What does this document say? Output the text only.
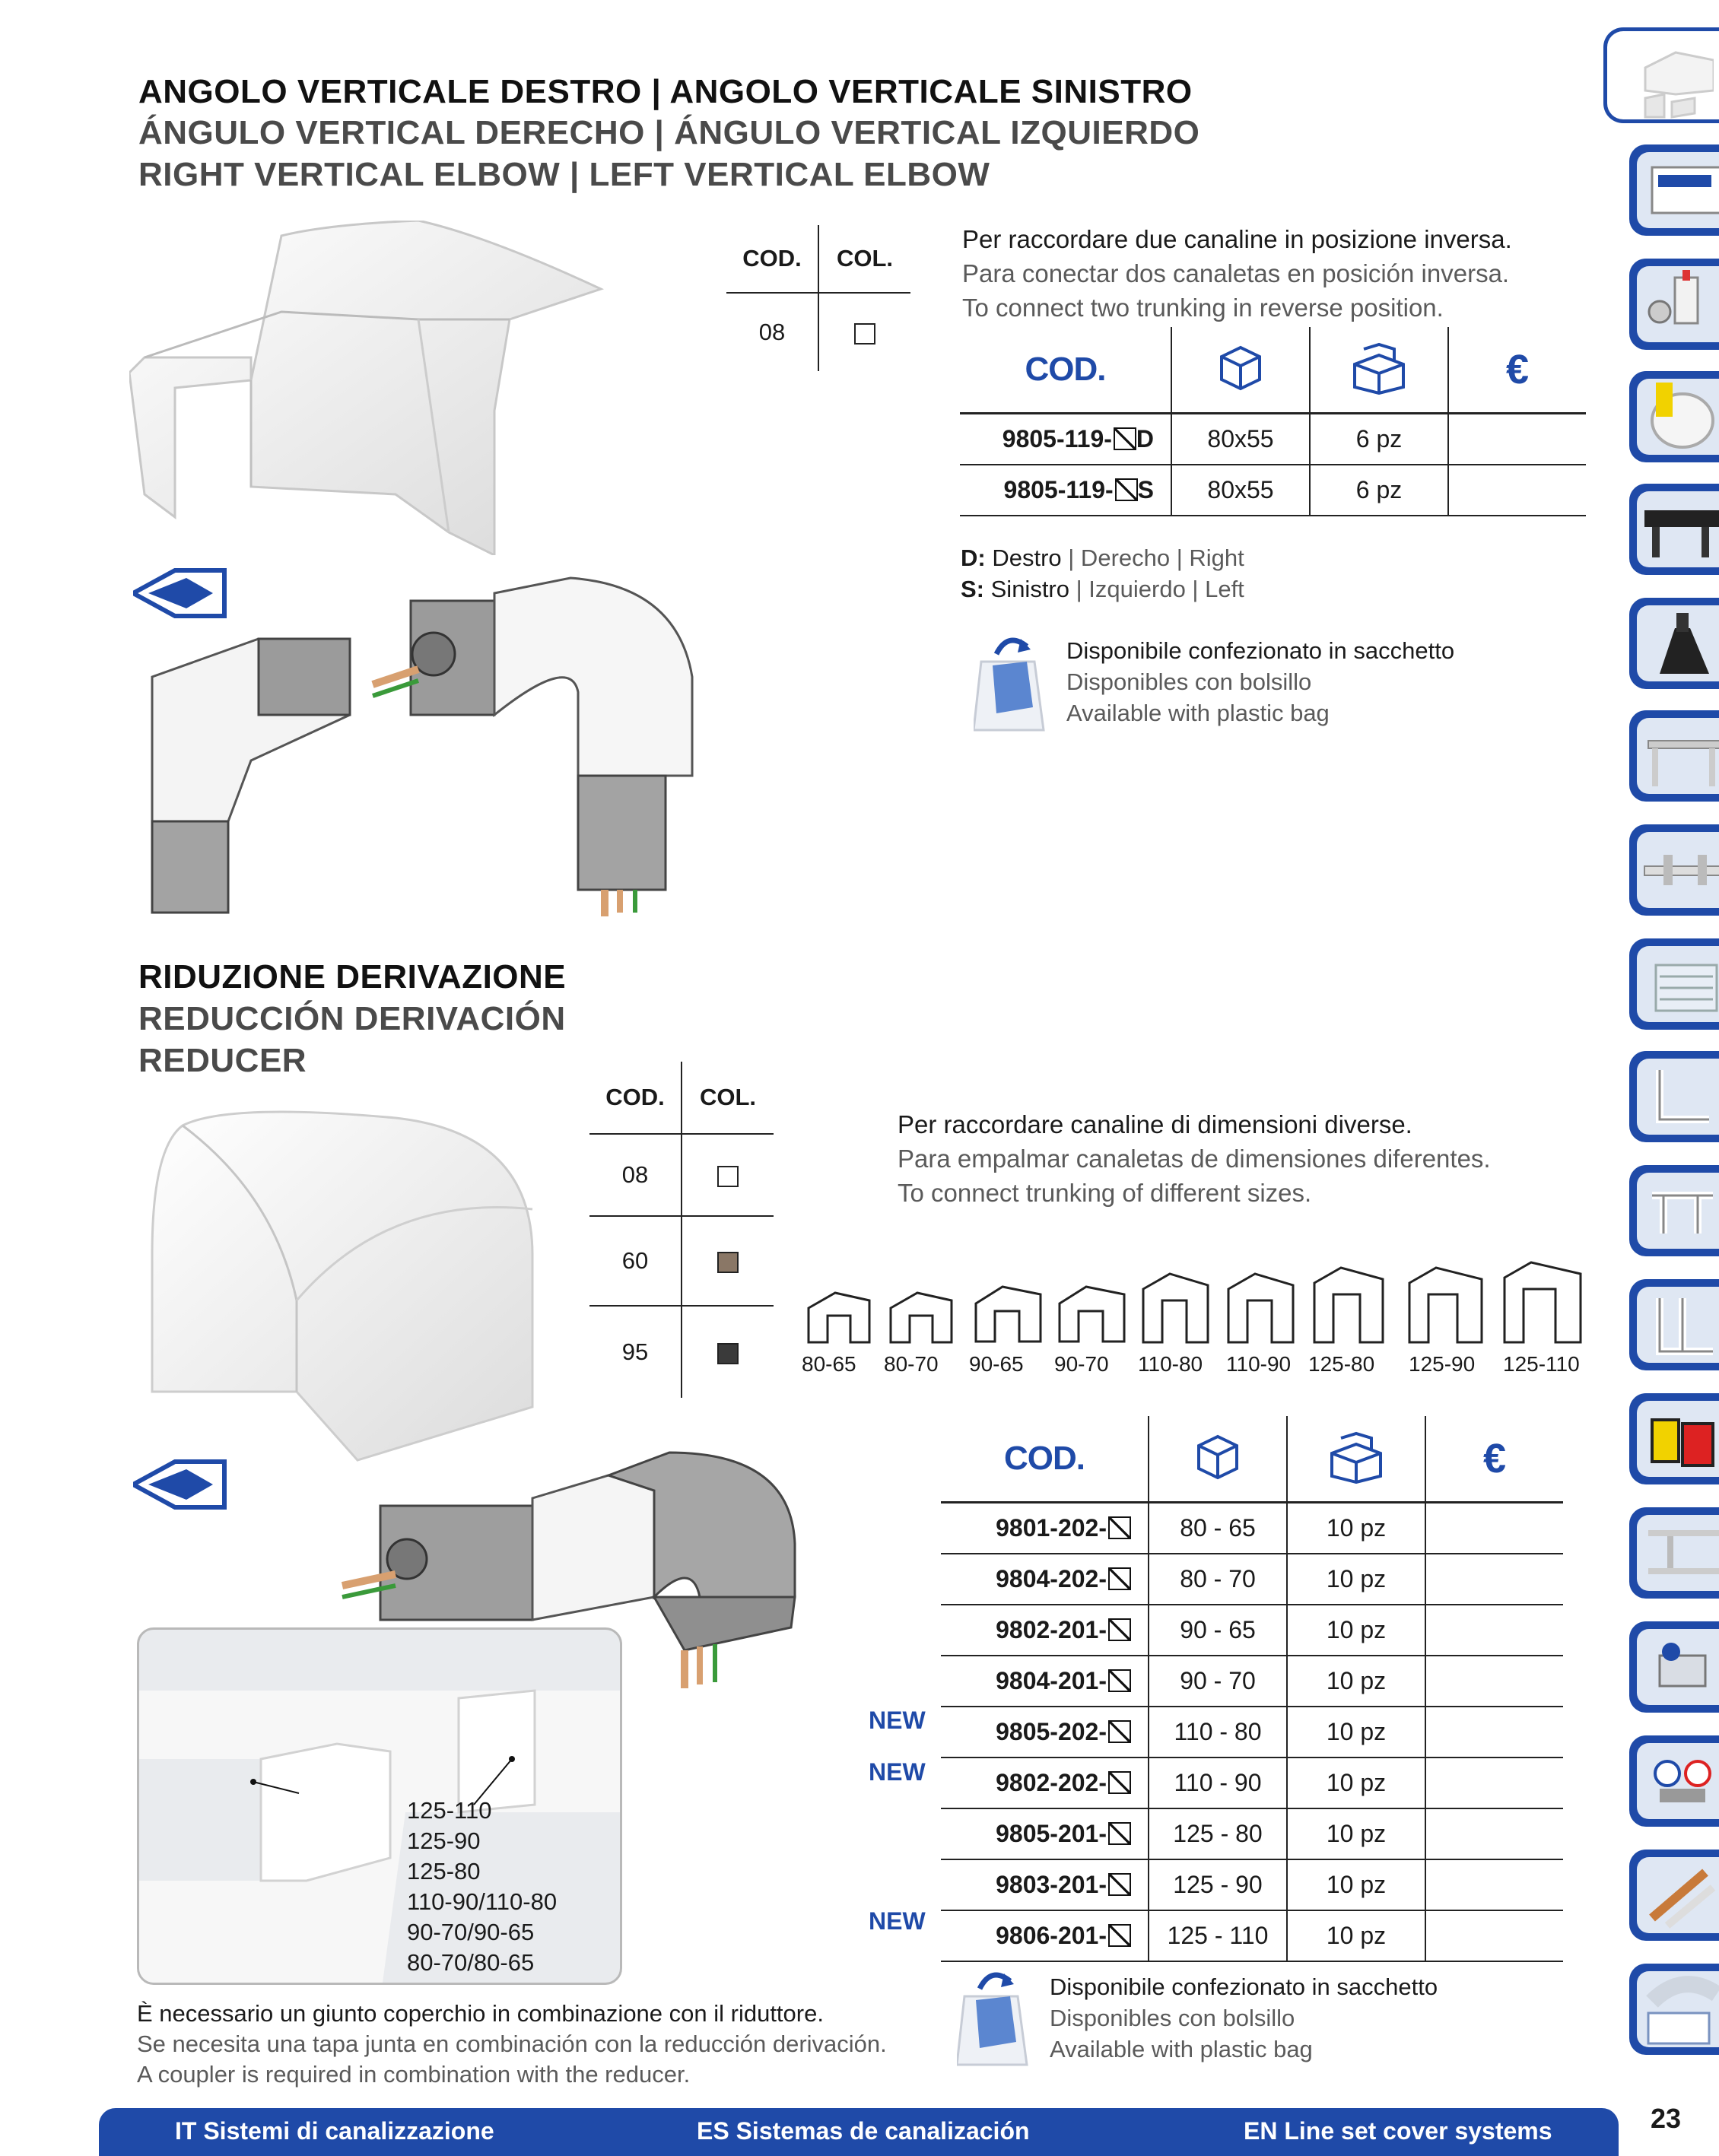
ANGOLO VERTICALE DESTRO | ANGOLO VERTICALE SINISTRO
ÁNGULO VERTICAL DERECHO | ÁNGULO VERTICAL IZQUIERDO
RIGHT VERTICAL ELBOW | LEFT VERTICAL ELBOW
COD.	COL.
08	
Per raccordare due canaline in posizione inversa.
Para conectar dos canaletas en posición inversa.
To connect two trunking in reverse position.
COD.			€
9805-119- D	80x55	6 pz	
9805-119- S	80x55	6 pz	
D: Destro | Derecho | Right
S: Sinistro | Izquierdo | Left
Disponibile confezionato in sacchetto
Disponibles con bolsillo
Available with plastic bag
RIDUZIONE DERIVAZIONE
REDUCCIÓN DERIVACIÓN
REDUCER
125-110
125-90
125-80
110-90/110-80
90-70/90-65
80-70/80-65
COD.	COL.
08	
60	
95	
Per raccordare canaline di dimensioni diverse.
Para empalmar canaletas de dimensiones diferentes.
To connect trunking of different sizes.
80-65 80-70 90-65 90-70 110-80 110-90 125-80 125-90 125-110
NEW
NEW
NEW
COD.			€
9801-202-	80 - 65	10 pz	
9804-202-	80 - 70	10 pz	
9802-201-	90 - 65	10 pz	
9804-201-	90 - 70	10 pz	
9805-202-	110 - 80	10 pz	
9802-202-	110 - 90	10 pz	
9805-201-	125 - 80	10 pz	
9803-201-	125 - 90	10 pz	
9806-201-	125 - 110	10 pz	
È necessario un giunto coperchio in combinazione con il riduttore.
Se necesita una tapa junta en combinación con la reducción derivación.
A coupler is required in combination with the reducer.
Disponibile confezionato in sacchetto
Disponibles con bolsillo
Available with plastic bag
IT Sistemi di canalizzazione	ES Sistemas de canalización	EN Line set cover systems	23
